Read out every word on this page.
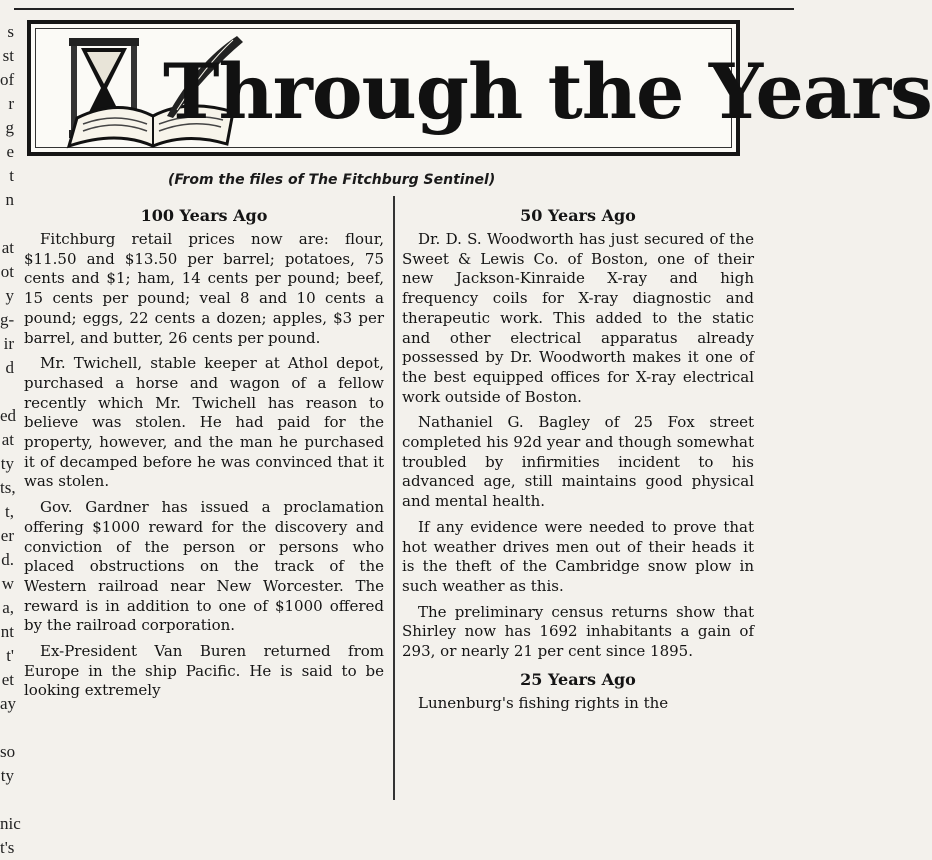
s
st
of
r
g
e
t
n

at
ot
y
g-
ir
d

ed
at
ty
ts,
t,
er
d.
w
a,
nt
t'
et
ay

so
ty

nic
t's
Through the Years
(From the files of The Fitchburg Sentinel)
100 Years Ago

Fitchburg retail prices now are: flour, $11.50 and $13.50 per barrel; potatoes, 75 cents and $1; ham, 14 cents per pound; beef, 15 cents per pound; veal 8 and 10 cents a pound; eggs, 22 cents a dozen; apples, $3 per barrel, and butter, 26 cents per pound.

Mr. Twichell, stable keeper at Athol depot, purchased a horse and wagon of a fellow recently which Mr. Twichell has reason to believe was stolen. He had paid for the property, however, and the man he purchased it of decamped before he was convinced that it was stolen.

Gov. Gardner has issued a proclamation offering $1000 reward for the discovery and conviction of the person or persons who placed obstructions on the track of the Western railroad near New Worcester. The reward is in addition to one of $1000 offered by the railroad corporation.

Ex-President Van Buren returned from Europe in the ship Pacific. He is said to be looking extremely

50 Years Ago

Dr. D. S. Woodworth has just secured of the Sweet & Lewis Co. of Boston, one of their new Jackson-Kinraide X-ray and high frequency coils for X-ray diagnostic and therapeutic work. This added to the static and other electrical apparatus already possessed by Dr. Woodworth makes it one of the best equipped offices for X-ray electrical work outside of Boston.

Nathaniel G. Bagley of 25 Fox street completed his 92d year and though somewhat troubled by infirmities incident to his advanced age, still maintains good physical and mental health.

If any evidence were needed to prove that hot weather drives men out of their heads it is the theft of the Cambridge snow plow in such weather as this.

The preliminary census returns show that Shirley now has 1692 inhabitants a gain of 293, or nearly 21 per cent since 1895.

25 Years Ago

Lunenburg's fishing rights in the
